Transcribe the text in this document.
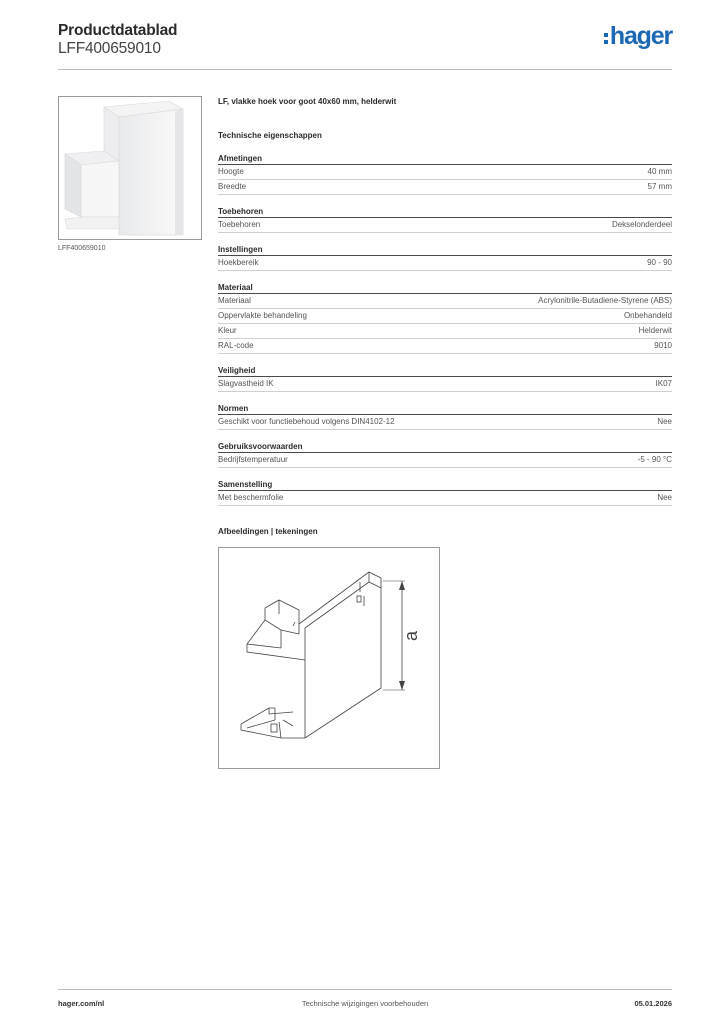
Productdatablad
LFF400659010	hager
LFF400659010
LF, vlakke hoek voor goot 40x60 mm, helderwit
Technische eigenschappen
Afmetingen
Hoogte	40 mm
Breedte	57 mm
Toebehoren
Toebehoren	Dekselonderdeel
Instellingen
Hoekbereik	90 - 90
Materiaal
Materiaal	Acrylonitrile-Butadiene-Styrene (ABS)
Oppervlakte behandeling	Onbehandeld
Kleur	Helderwit
RAL-code	9010
Veiligheid
Slagvastheid IK	IK07
Normen
Geschikt voor functiebehoud volgens DIN4102-12	Nee
Gebruiksvoorwaarden
Bedrijfstemperatuur	-5 - 90 °C
Samenstelling
Met beschermfolie	Nee
Afbeeldingen | tekeningen
a
hager.com/nl	Technische wijzigingen voorbehouden	05.01.2026
